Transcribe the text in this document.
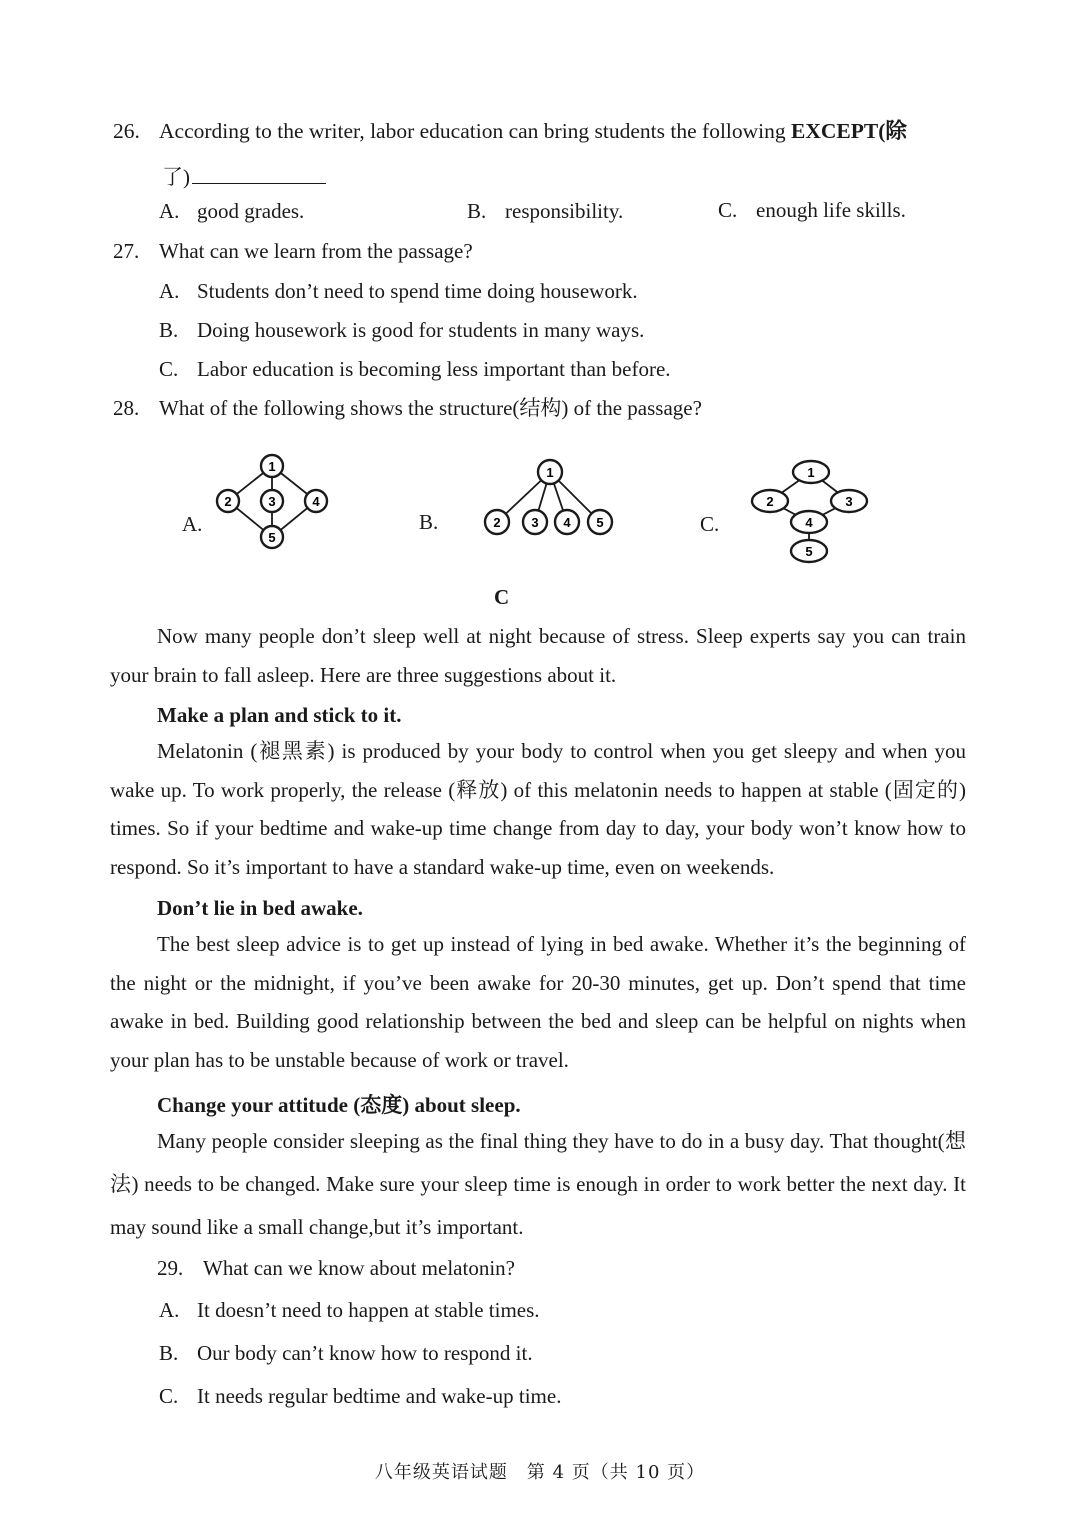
26. According to the writer, labor education can bring students the following EXCEPT(除
了)
A. good grades.	B. responsibility.	C. enough life skills.
27. What can we learn from the passage?
A. Students don’t need to spend time doing housework.
B. Doing housework is good for students in many ways.
C. Labor education is becoming less important than before.
28. What of the following shows the structure(结构) of the passage?
A.	B.	C.
1
2	3	4
5
1
2 3 4 5
1
2	3
4
5
C
Now many people don’t sleep well at night because of stress. Sleep experts say you can train your brain to fall asleep. Here are three suggestions about it.
Make a plan and stick to it.
Melatonin (褪黑素) is produced by your body to control when you get sleepy and when you wake up. To work properly, the release (释放) of this melatonin needs to happen at stable (固定的) times. So if your bedtime and wake-up time change from day to day, your body won’t know how to respond. So it’s important to have a standard wake-up time, even on weekends.
Don’t lie in bed awake.
The best sleep advice is to get up instead of lying in bed awake. Whether it’s the beginning of the night or the midnight, if you’ve been awake for 20-30 minutes, get up. Don’t spend that time awake in bed. Building good relationship between the bed and sleep can be helpful on nights when your plan has to be unstable because of work or travel.
Change your attitude (态度) about sleep.
Many people consider sleeping as the final thing they have to do in a busy day. That thought(想法) needs to be changed. Make sure your sleep time is enough in order to work better the next day. It may sound like a small change,but it’s important.
29. What can we know about melatonin?
A. It doesn’t need to happen at stable times.
B. Our body can’t know how to respond it.
C. It needs regular bedtime and wake-up time.
八年级英语试题　第 4 页（共 10 页）
